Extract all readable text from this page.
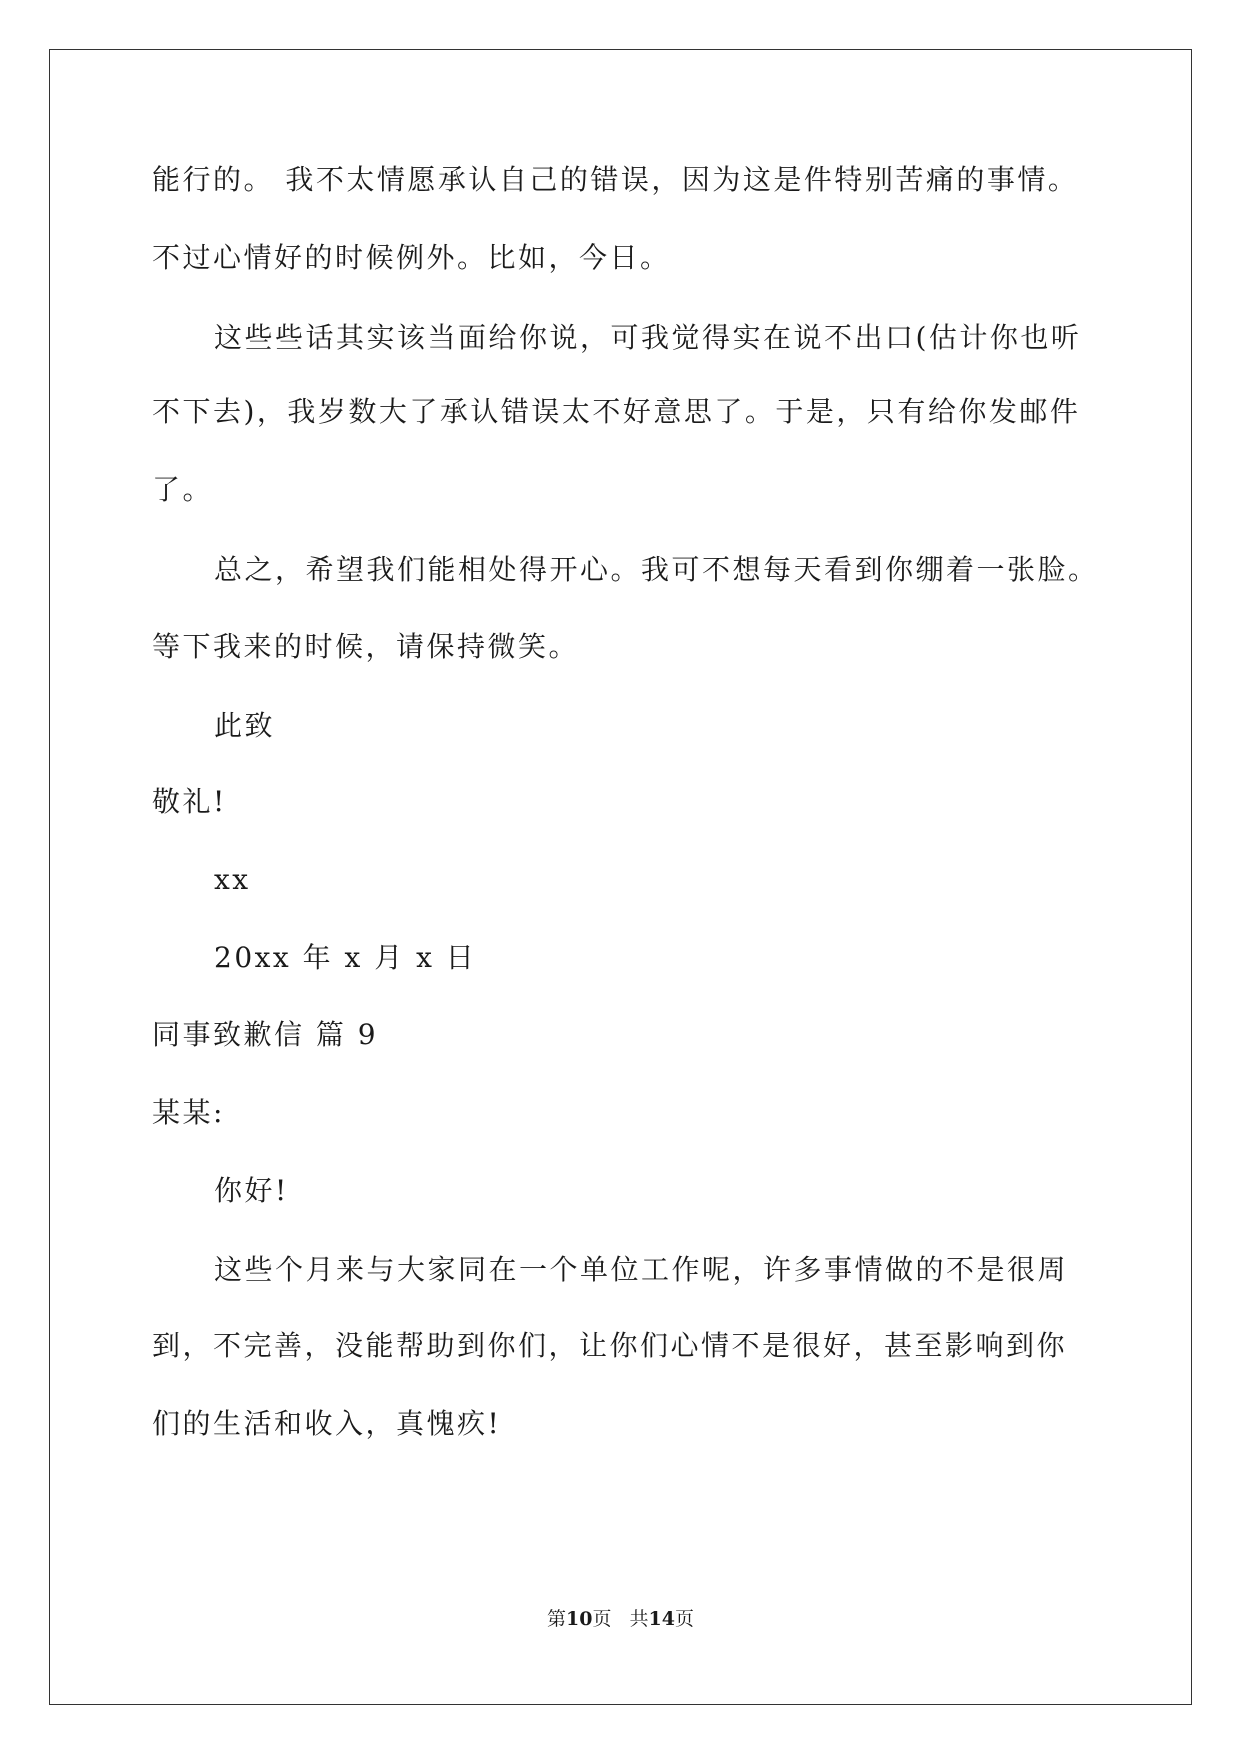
能行的。 我不太情愿承认自己的错误，因为这是件特别苦痛的事情。
不过心情好的时候例外。比如，今日。
这些些话其实该当面给你说，可我觉得实在说不出口(估计你也听
不下去)，我岁数大了承认错误太不好意思了。于是，只有给你发邮件
了。
总之，希望我们能相处得开心。我可不想每天看到你绷着一张脸。
等下我来的时候，请保持微笑。
此致
敬礼!
xx
20xx 年 x 月 x 日
同事致歉信 篇 9
某某:
你好!
这些个月来与大家同在一个单位工作呢，许多事情做的不是很周
到，不完善，没能帮助到你们，让你们心情不是很好，甚至影响到你
们的生活和收入，真愧疚!
第10页 共14页
